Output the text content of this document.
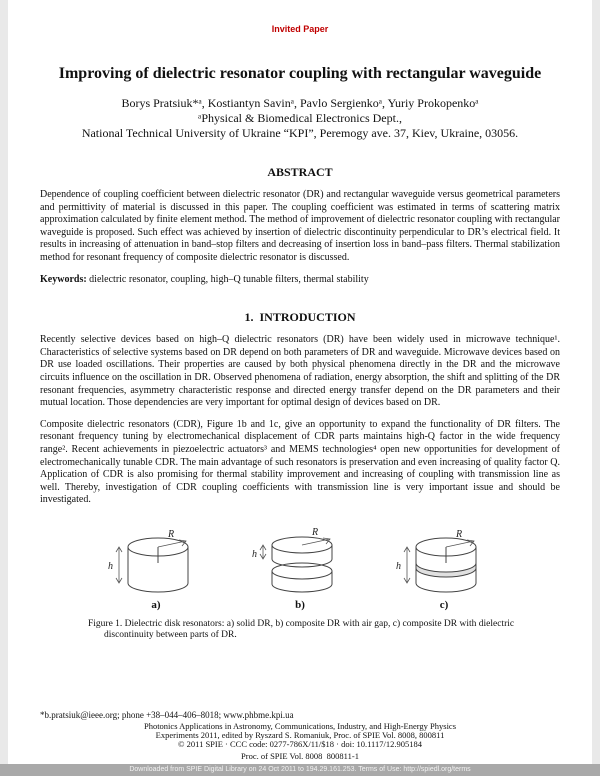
Invited Paper
Improving of dielectric resonator coupling with rectangular waveguide
Borys Pratsiuk*ᵃ, Kostiantyn Savinᵃ, Pavlo Sergienkoᵃ, Yuriy Prokopenkoᵃ
ᵃPhysical & Biomedical Electronics Dept.,
National Technical University of Ukraine “KPI”, Peremogy ave. 37, Kiev, Ukraine, 03056.
ABSTRACT
Dependence of coupling coefficient between dielectric resonator (DR) and rectangular waveguide versus geometrical parameters and permittivity of material is discussed in this paper. The coupling coefficient was estimated in terms of scattering matrix approximation calculated by finite element method. The method of improvement of dielectric resonator coupling with rectangular waveguide is proposed. Such effect was achieved by insertion of dielectric discontinuity perpendicular to DR’s electrical field. It results in increasing of attenuation in band–stop filters and decreasing of insertion loss in band–pass filters. Thermal stabilization method for resonant frequency of composite dielectric resonator is discussed.
Keywords: dielectric resonator, coupling, high–Q tunable filters, thermal stability
1.  INTRODUCTION
Recently selective devices based on high–Q dielectric resonators (DR) have been widely used in microwave technique¹. Characteristics of selective systems based on DR depend on both parameters of DR and waveguide. Microwave devices based on DR use loaded oscillations. Their properties are caused by both physical phenomena directly in the DR and the microwave circuits influence on the oscillation in DR. Observed phenomena of radiation, energy absorption, the shift and splitting of the DR resonant frequencies, asymmetry characteristic response and directed energy transfer depend on the DR parameters and their mutual location. Those dependencies are very important for optimal design of devices based on DR.
Composite dielectric resonators (CDR), Figure 1b and 1c, give an opportunity to expand the functionality of DR filters. The resonant frequency tuning by electromechanical displacement of CDR parts maintains high-Q factor in the wide frequency range². Recent achievements in piezoelectric actuators³ and MEMS technologies⁴ open new opportunities for development of electromechanically tunable CDR. The main advantage of such resonators is preservation and even increasing of quality factor Q. Application of CDR is also promising for thermal stability improvement and increasing of coupling with transmission line as well. Thereby, investigation of CDR coupling coefficients with transmission line is very important issue and should be investigated.
h
R
a)
h
R
b)
h
R
c)
Figure 1. Dielectric disk resonators: a) solid DR, b) composite DR with air gap, c) composite DR with dielectric discontinuity between parts of DR.
*b.pratsiuk@ieee.org; phone +38–044–406–8018; www.phbme.kpi.ua
Photonics Applications in Astronomy, Communications, Industry, and High-Energy Physics
Experiments 2011, edited by Ryszard S. Romaniuk, Proc. of SPIE Vol. 8008, 800811
© 2011 SPIE · CCC code: 0277-786X/11/$18 · doi: 10.1117/12.905184
Proc. of SPIE Vol. 8008  800811-1
Downloaded from SPIE Digital Library on 24 Oct 2011 to 194.29.161.253. Terms of Use: http://spiedl.org/terms
